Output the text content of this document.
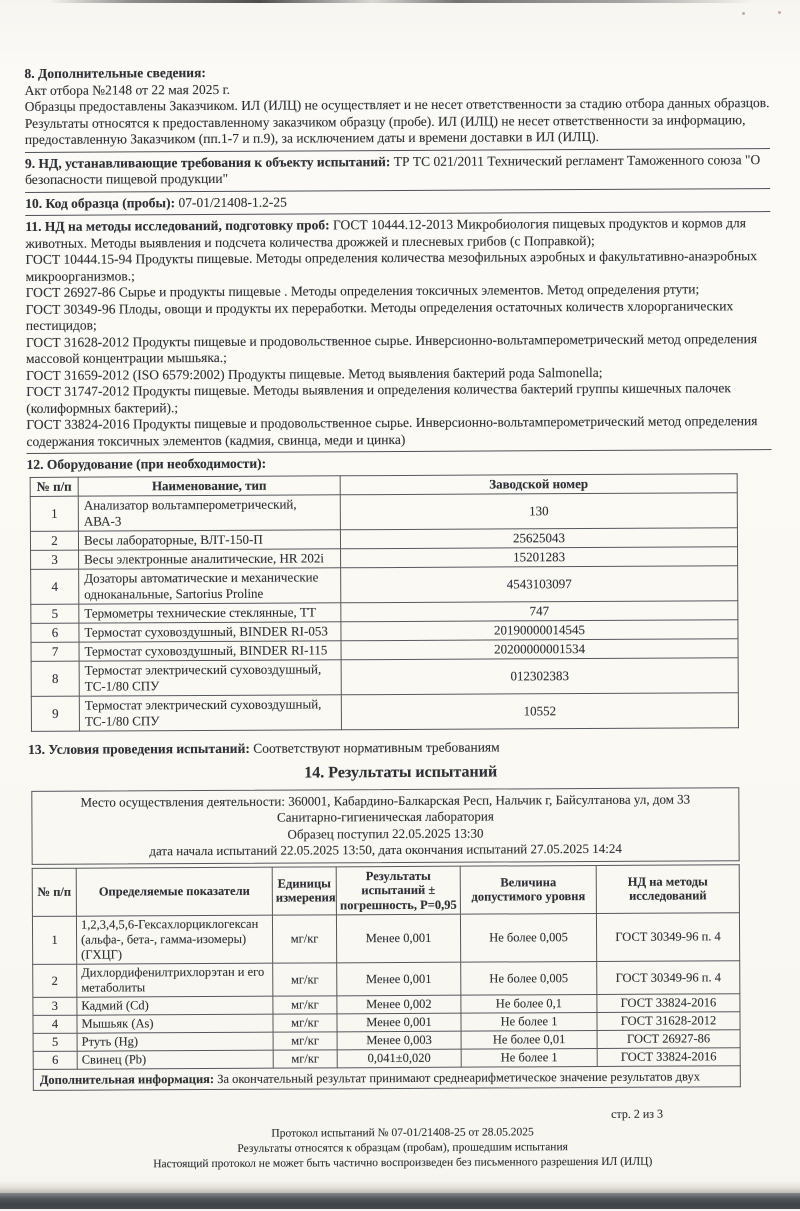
8. Дополнительные сведения:

Акт отбора №2148 от 22 мая 2025 г.

Образцы предоставлены Заказчиком. ИЛ (ИЛЦ) не осуществляет и не несет ответственности за стадию отбора данных образцов. Результаты относятся к предоставленному заказчиком образцу (пробе). ИЛ (ИЛЦ) не несет ответственности за информацию, предоставленную Заказчиком (пп.1-7 и п.9), за исключением даты и времени доставки в ИЛ (ИЛЦ).

9. НД, устанавливающие требования к объекту испытаний: ТР ТС 021/2011 Технический регламент Таможенного союза "О безопасности пищевой продукции"

10. Код образца (пробы): 07-01/21408-1.2-25

11. НД на методы исследований, подготовку проб: ГОСТ 10444.12-2013 Микробиология пищевых продуктов и кормов для животных. Методы выявления и подсчета количества дрожжей и плесневых грибов (с Поправкой);

ГОСТ 10444.15-94 Продукты пищевые. Методы определения количества мезофильных аэробных и факультативно-анаэробных микроорганизмов.;

ГОСТ 26927-86 Сырье и продукты пищевые . Методы определения токсичных элементов. Метод определения ртути;

ГОСТ 30349-96 Плоды, овощи и продукты их переработки. Методы определения остаточных количеств хлорорганических пестицидов;

ГОСТ 31628-2012 Продукты пищевые и продовольственное сырье. Инверсионно-вольтамперометрический метод определения массовой концентрации мышьяка.;

ГОСТ 31659-2012 (ISO 6579:2002) Продукты пищевые. Метод выявления бактерий рода Salmonella;

ГОСТ 31747-2012 Продукты пищевые. Методы выявления и определения количества бактерий группы кишечных палочек (колиформных бактерий).;

ГОСТ 33824-2016 Продукты пищевые и продовольственное сырье. Инверсионно-вольтамперометрический метод определения содержания токсичных элементов (кадмия, свинца, меди и цинка)

12. Оборудование (при необходимости):

№ п/п	Наименование, тип	Заводской номер
1	Анализатор вольтамперометрический, АВА-3	130
2	Весы лабораторные, ВЛТ-150-П	25625043
3	Весы электронные аналитические, HR 202i	15201283
4	Дозаторы автоматические и механические одноканальные, Sartorius Proline	4543103097
5	Термометры технические стеклянные, ТТ	747
6	Термостат суховоздушный, BINDER RI-053	20190000014545
7	Термостат суховоздушный, BINDER RI-115	20200000001534
8	Термостат электрический суховоздушный, ТС-1/80 СПУ	012302383
9	Термостат электрический суховоздушный, ТС-1/80 СПУ	10552

13. Условия проведения испытаний: Соответствуют нормативным требованиям

14. Результаты испытаний

Место осуществления деятельности: 360001, Кабардино-Балкарская Респ, Нальчик г, Байсултанова ул, дом 33

Санитарно-гигиеническая лаборатория

Образец поступил 22.05.2025 13:30

дата начала испытаний 22.05.2025 13:50, дата окончания испытаний 27.05.2025 14:24

№ п/п	Определяемые показатели	Единицы измерения	Результаты испытаний ± погрешность, Р=0,95	Величина допустимого уровня	НД на методы исследований
1	1,2,3,4,5,6-Гексахлорциклогексан (альфа-, бета-, гамма-изомеры) (ГХЦГ)	мг/кг	Менее 0,001	Не более 0,005	ГОСТ 30349-96 п. 4
2	Дихлордифенилтрихлорэтан и его метаболиты	мг/кг	Менее 0,001	Не более 0,005	ГОСТ 30349-96 п. 4
3	Кадмий (Cd)	мг/кг	Менее 0,002	Не более 0,1	ГОСТ 33824-2016
4	Мышьяк (As)	мг/кг	Менее 0,001	Не более 1	ГОСТ 31628-2012
5	Ртуть (Hg)	мг/кг	Менее 0,003	Не более 0,01	ГОСТ 26927-86
6	Свинец (Pb)	мг/кг	0,041±0,020	Не более 1	ГОСТ 33824-2016
Дополнительная информация: За окончательный результат принимают среднеарифметическое значение результатов двух					

стр. 2 из 3

Протокол испытаний № 07-01/21408-25 от 28.05.2025

Результаты относятся к образцам (пробам), прошедшим испытания

Настоящий протокол не может быть частично воспроизведен без письменного разрешения ИЛ (ИЛЦ)
